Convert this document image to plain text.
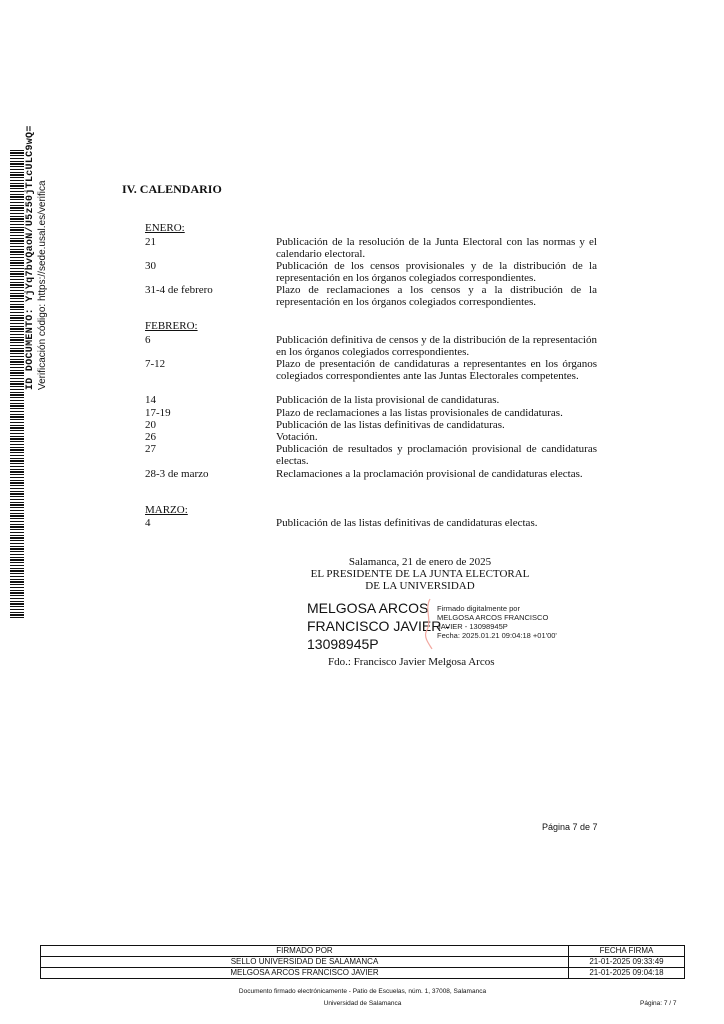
ID DOCUMENTO: YjYq7bvQaoN/U5z50jTLcULC9wQ= Verificación código: https://sede.usal.es/verifica	IV. CALENDARIO
ENERO:
21	Publicación de la resolución de la Junta Electoral con las normas y el calendario electoral.
30	Publicación de los censos provisionales y de la distribución de la representación en los órganos colegiados correspondientes.
31-4 de febrero	Plazo de reclamaciones a los censos y a la distribución de la representación en los órganos colegiados correspondientes.
FEBRERO:
6	Publicación definitiva de censos y de la distribución de la representación en los órganos colegiados correspondientes.
7-12	Plazo de presentación de candidaturas a representantes en los órganos colegiados correspondientes ante las Juntas Electorales competentes.
14	Publicación de la lista provisional de candidaturas.
17-19	Plazo de reclamaciones a las listas provisionales de candidaturas.
20	Publicación de las listas definitivas de candidaturas.
26	Votación.
27	Publicación de resultados y proclamación provisional de candidaturas electas.
28-3 de marzo	Reclamaciones a la proclamación provisional de candidaturas electas.
MARZO:
4	Publicación de las listas definitivas de candidaturas electas.
Salamanca, 21 de enero de 2025
EL PRESIDENTE DE LA JUNTA ELECTORAL
DE LA UNIVERSIDAD
MELGOSA ARCOS
FRANCISCO JAVIER -
13098945P
Firmado digitalmente por
MELGOSA ARCOS FRANCISCO
JAVIER - 13098945P
Fecha: 2025.01.21 09:04:18 +01'00'
Fdo.: Francisco Javier Melgosa Arcos
Página 7 de 7
FIRMADO POR	FECHA FIRMA
SELLO UNIVERSIDAD DE SALAMANCA	21-01-2025 09:33:49
MELGOSA ARCOS FRANCISCO JAVIER	21-01-2025 09:04:18
Documento firmado electrónicamente - Patio de Escuelas, núm. 1, 37008, Salamanca
Universidad de Salamanca	Página: 7 / 7
